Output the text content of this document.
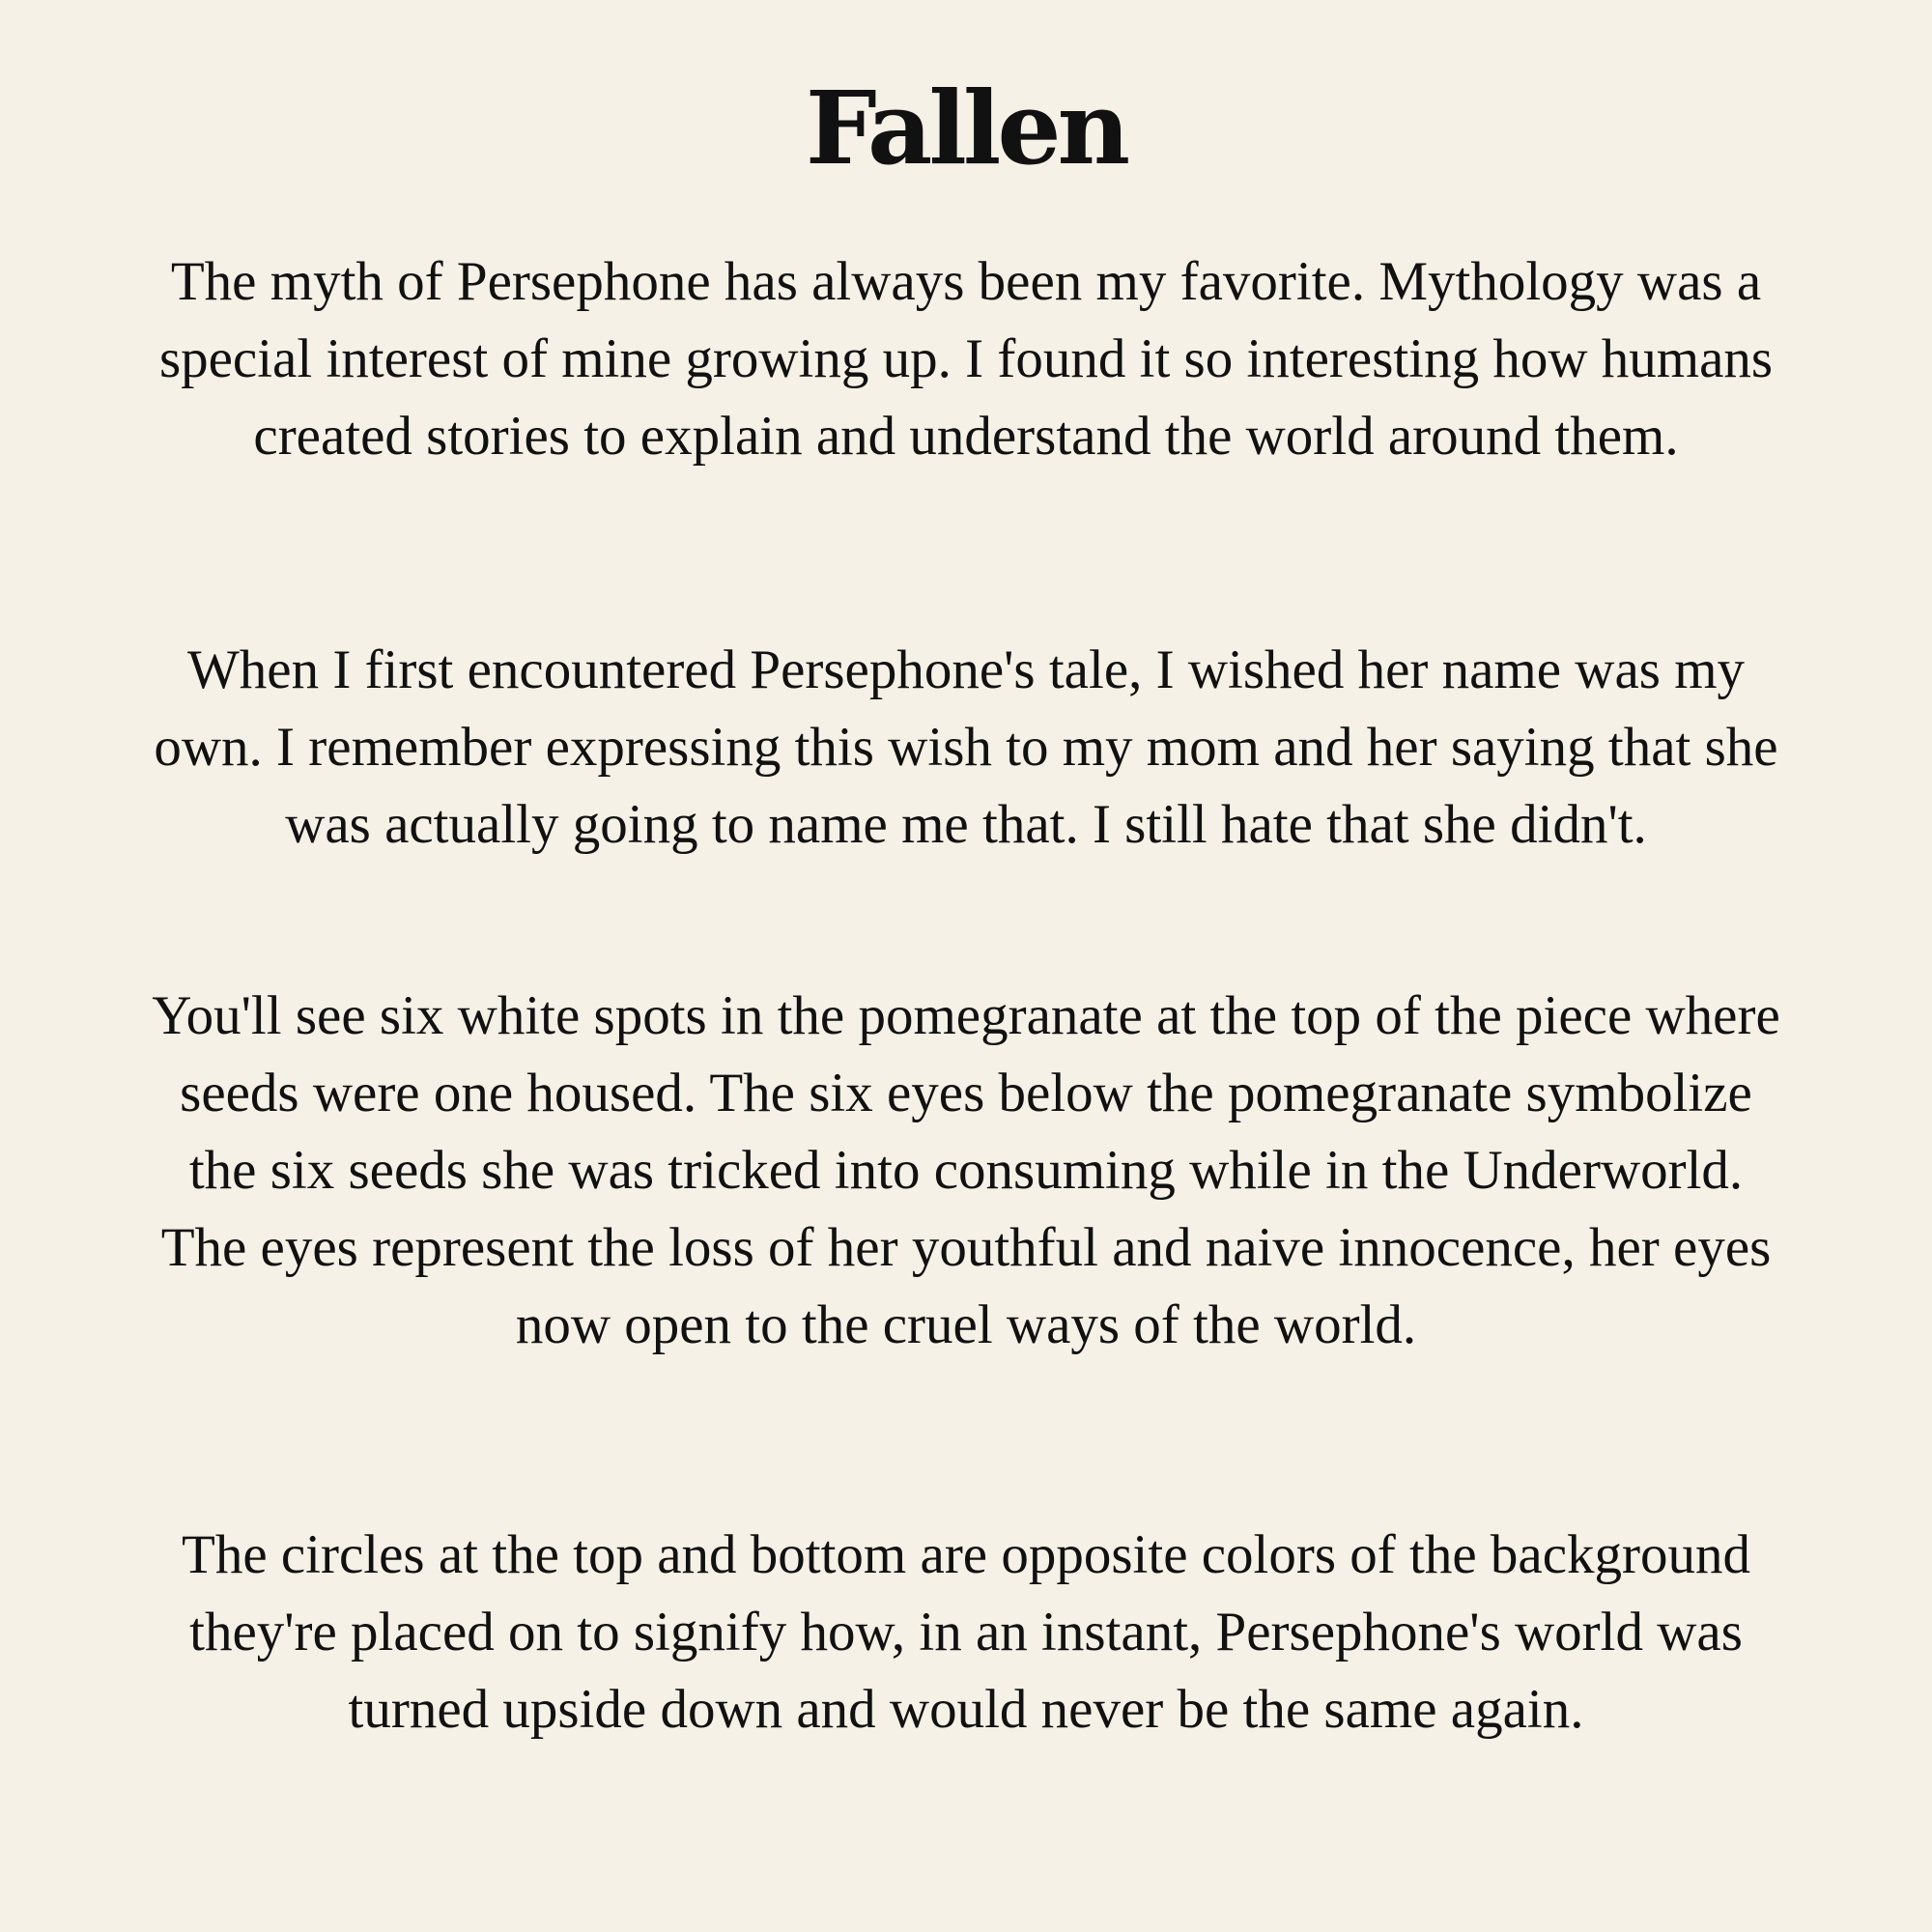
Fallen

The myth of Persephone has always been my favorite. Mythology was a special interest of mine growing up. I found it so interesting how humans created stories to explain and understand the world around them.

When I first encountered Persephone's tale, I wished her name was my own. I remember expressing this wish to my mom and her saying that she was actually going to name me that. I still hate that she didn't.

You'll see six white spots in the pomegranate at the top of the piece where seeds were one housed. The six eyes below the pomegranate symbolize the six seeds she was tricked into consuming while in the Underworld. The eyes represent the loss of her youthful and naive innocence, her eyes now open to the cruel ways of the world.

The circles at the top and bottom are opposite colors of the background they're placed on to signify how, in an instant, Persephone's world was turned upside down and would never be the same again.
